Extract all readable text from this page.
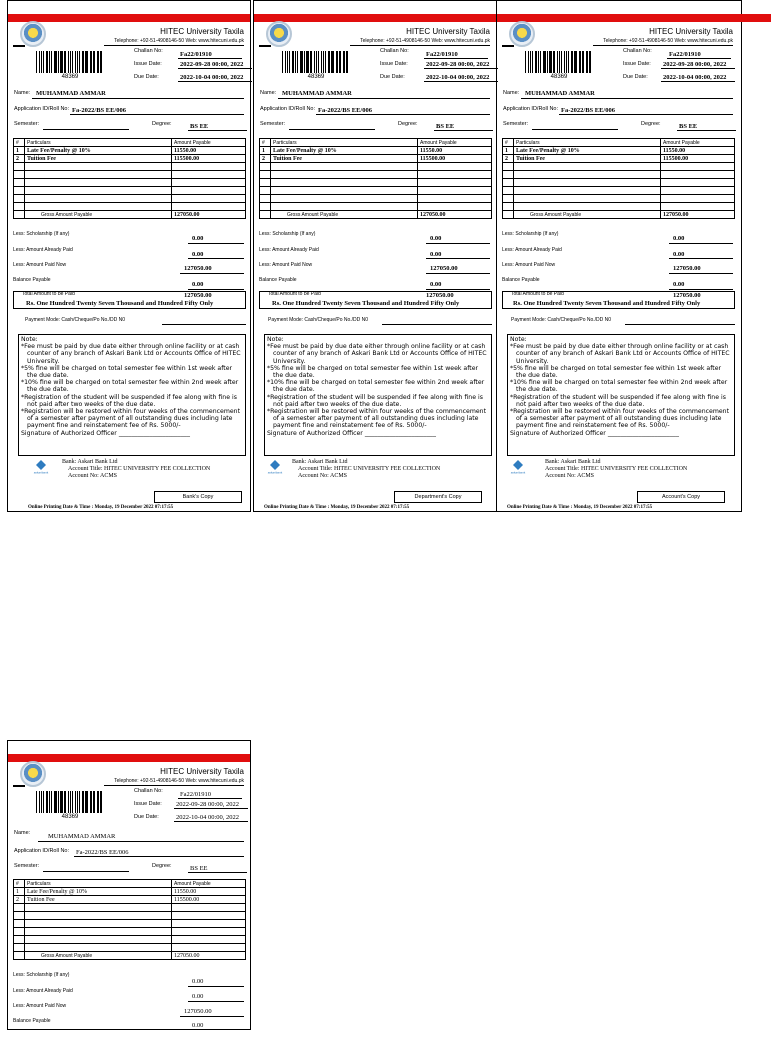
HITEC University Taxila
Telephone: +92-51-4908146-50 Web: www.hitecuni.edu.pk
48369
Challan No:	Fa22/01910
Issue Date:	2022-09-28 00:00, 2022
Due Date:	2022-10-04 00:00, 2022
Name: MUHAMMAD AMMAR
Application ID/Roll No: Fa-2022/BS EE/006
Semester:	Degree:	BS EE
#	Particulars	Amount Payable
1	Late Fee/Penalty @ 10%	11550.00
2	Tuition Fee	115500.00

	Gross Amount Payable	127050.00
Less: Scholarship (If any)
0.00
Less: Amount Already Paid
0.00
Less: Amount Paid Now	127050.00
Balance Payable
0.00
Total Amount to be Paid	127050.00
Rs. One Hundred Twenty Seven Thousand and Hundred Fifty Only
Payment Mode: Cash/Cheque/Po No./DD N0

Note:

*Fee must be paid by due date either through online facility or at cash counter of any branch of Askari Bank Ltd or Accounts Office of HITEC University.

*5% fine will be charged on total semester fee within 1st week after the due date.

*10% fine will be charged on total semester fee within 2nd week after the due date.

*Registration of the student will be suspended if fee along with fine is not paid after two weeks of the due date.

*Registration will be restored within four weeks of the commencement of a semester after payment of all outstanding dues including late payment fine and reinstatement fee of Rs. 5000/-

Signature of Authorized Officer _______________________

askaribank
Bank: Askari Bank Ltd
Account Title: HITEC UNIVERSITY FEE COLLECTION
Account No: ACMS
Bank's Copy
Online Printing Date & Time : Monday, 19 December 2022 07:17:55
HITEC University Taxila
Telephone: +92-51-4908146-50 Web: www.hitecuni.edu.pk
48369
Challan No:	Fa22/01910
Issue Date:	2022-09-28 00:00, 2022
Due Date:	2022-10-04 00:00, 2022
Name: MUHAMMAD AMMAR
Application ID/Roll No: Fa-2022/BS EE/006
Semester:	Degree:	BS EE
#	Particulars	Amount Payable
1	Late Fee/Penalty @ 10%	11550.00
2	Tuition Fee	115500.00

	Gross Amount Payable	127050.00
Less: Scholarship (If any)
0.00
Less: Amount Already Paid
0.00
Less: Amount Paid Now	127050.00
Balance Payable
0.00
Total Amount to be Paid	127050.00
Rs. One Hundred Twenty Seven Thousand and Hundred Fifty Only
Payment Mode: Cash/Cheque/Po No./DD N0

Note:

*Fee must be paid by due date either through online facility or at cash counter of any branch of Askari Bank Ltd or Accounts Office of HITEC University.

*5% fine will be charged on total semester fee within 1st week after the due date.

*10% fine will be charged on total semester fee within 2nd week after the due date.

*Registration of the student will be suspended if fee along with fine is not paid after two weeks of the due date.

*Registration will be restored within four weeks of the commencement of a semester after payment of all outstanding dues including late payment fine and reinstatement fee of Rs. 5000/-

Signature of Authorized Officer _______________________

askaribank
Bank: Askari Bank Ltd
Account Title: HITEC UNIVERSITY FEE COLLECTION
Account No: ACMS
Department's Copy
Online Printing Date & Time : Monday, 19 December 2022 07:17:55
HITEC University Taxila
Telephone: +92-51-4908146-50 Web: www.hitecuni.edu.pk
48369
Challan No:	Fa22/01910
Issue Date:	2022-09-28 00:00, 2022
Due Date:	2022-10-04 00:00, 2022
Name: MUHAMMAD AMMAR
Application ID/Roll No: Fa-2022/BS EE/006
Semester:	Degree:	BS EE
#	Particulars	Amount Payable
1	Late Fee/Penalty @ 10%	11550.00
2	Tuition Fee	115500.00

	Gross Amount Payable	127050.00
Less: Scholarship (If any)
0.00
Less: Amount Already Paid
0.00
Less: Amount Paid Now	127050.00
Balance Payable
0.00
Total Amount to be Paid	127050.00
Rs. One Hundred Twenty Seven Thousand and Hundred Fifty Only
Payment Mode: Cash/Cheque/Po No./DD N0

Note:

*Fee must be paid by due date either through online facility or at cash counter of any branch of Askari Bank Ltd or Accounts Office of HITEC University.

*5% fine will be charged on total semester fee within 1st week after the due date.

*10% fine will be charged on total semester fee within 2nd week after the due date.

*Registration of the student will be suspended if fee along with fine is not paid after two weeks of the due date.

*Registration will be restored within four weeks of the commencement of a semester after payment of all outstanding dues including late payment fine and reinstatement fee of Rs. 5000/-

Signature of Authorized Officer _______________________

askaribank
Bank: Askari Bank Ltd
Account Title: HITEC UNIVERSITY FEE COLLECTION
Account No: ACMS
Account's Copy
Online Printing Date & Time : Monday, 19 December 2022 07:17:55
HITEC University Taxila
Telephone: +92-51-4908146-50 Web: www.hitecuni.edu.pk
48369
Challan No:	Fa22/01910
Issue Date:	2022-09-28 00:00, 2022
Due Date:	2022-10-04 00:00, 2022
Name:	MUHAMMAD AMMAR
Application ID/Roll No:	Fa-2022/BS EE/006
Semester:	Degree:	BS EE
#	Particulars	Amount Payable
1	Late Fee/Penalty @ 10%	11550.00
2	Tuition Fee	115500.00

	Gross Amount Payable	127050.00
Less: Scholarship (If any)
0.00
Less: Amount Already Paid
0.00
Less: Amount Paid Now
127050.00
Balance Payable
0.00
